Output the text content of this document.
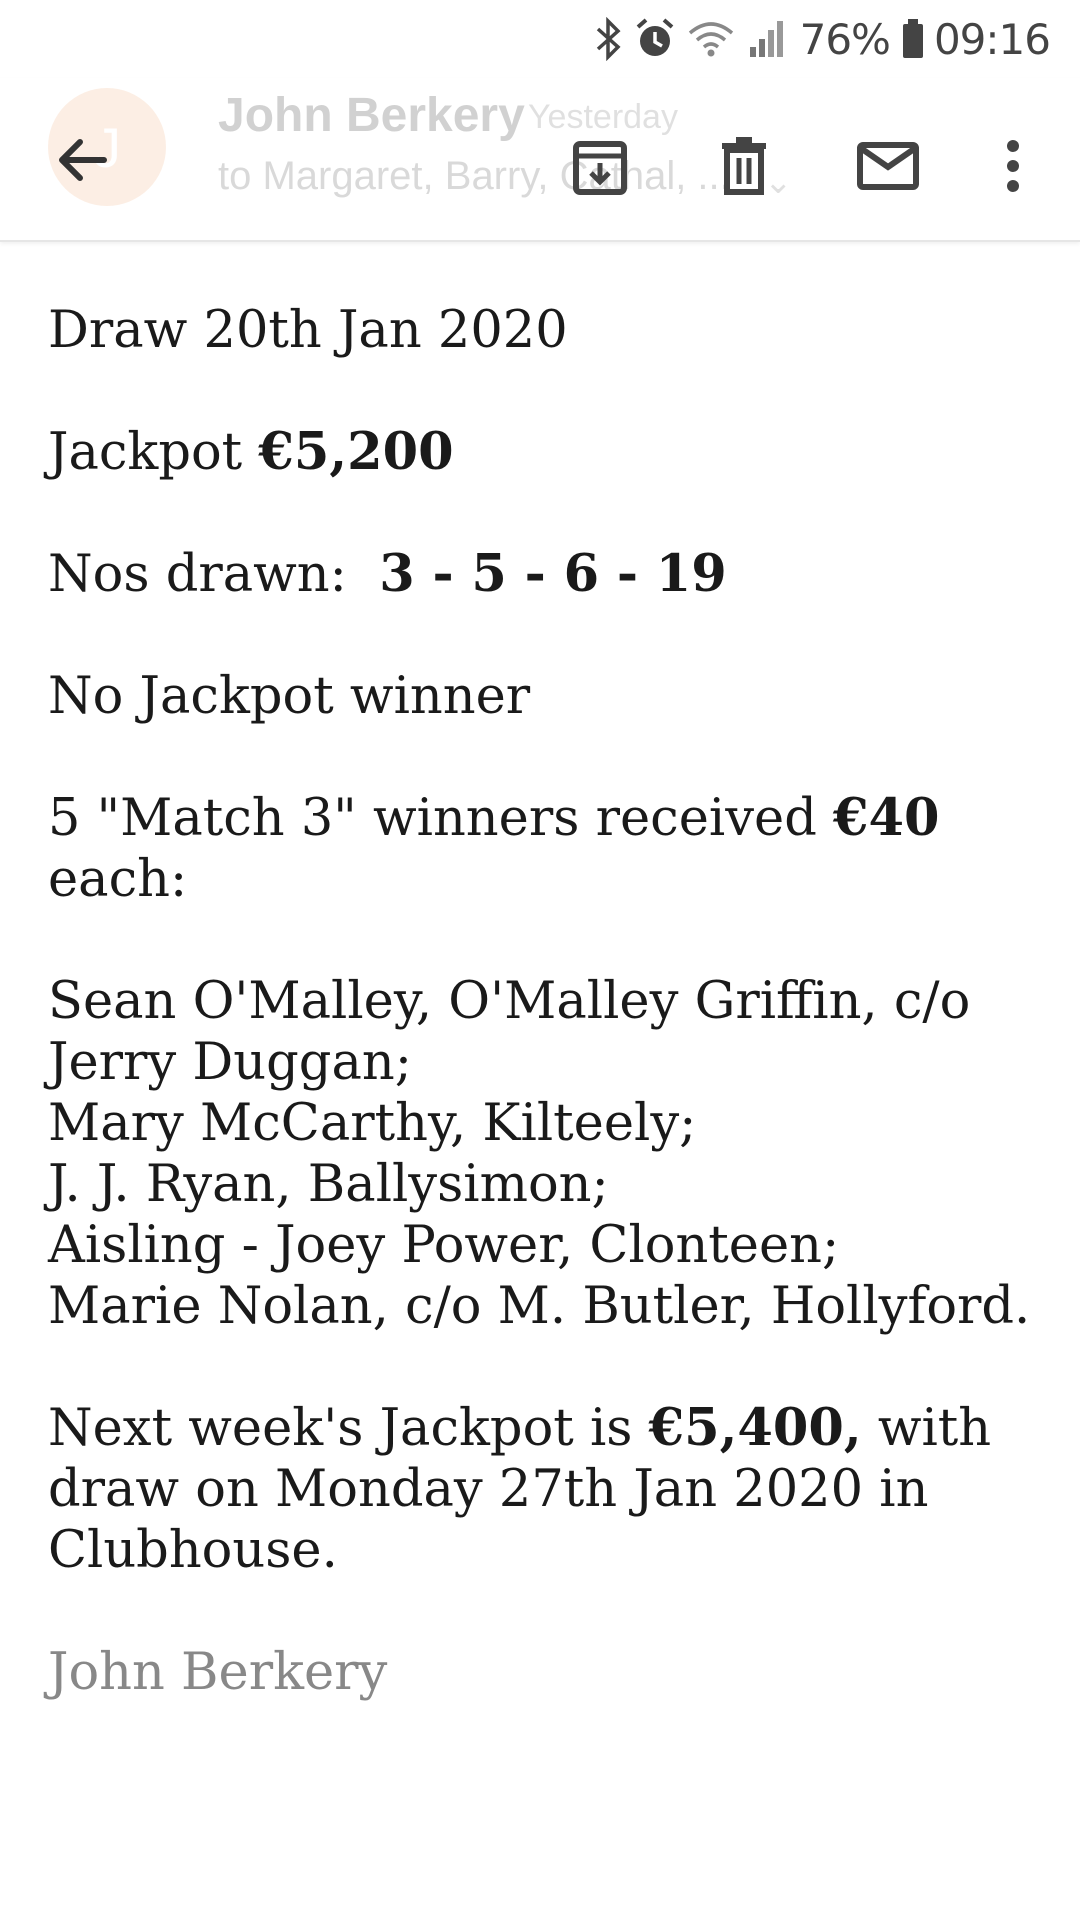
76% 09:16
J	John Berkery Yesterday
to Margaret, Barry, Cathal, ... ⌄

Draw 20th Jan 2020

Jackpot €5,200

Nos drawn:  3 - 5 - 6 - 19

No Jackpot winner

5 "Match 3" winners received €40 each:

Sean O'Malley, O'Malley Griffin, c/o Jerry Duggan;
Mary McCarthy, Kilteely;
J. J. Ryan, Ballysimon;
Aisling - Joey Power, Clonteen;
Marie Nolan, c/o M. Butler, Hollyford.

Next week's Jackpot is €5,400, with draw on Monday 27th Jan 2020 in Clubhouse.

John Berkery
